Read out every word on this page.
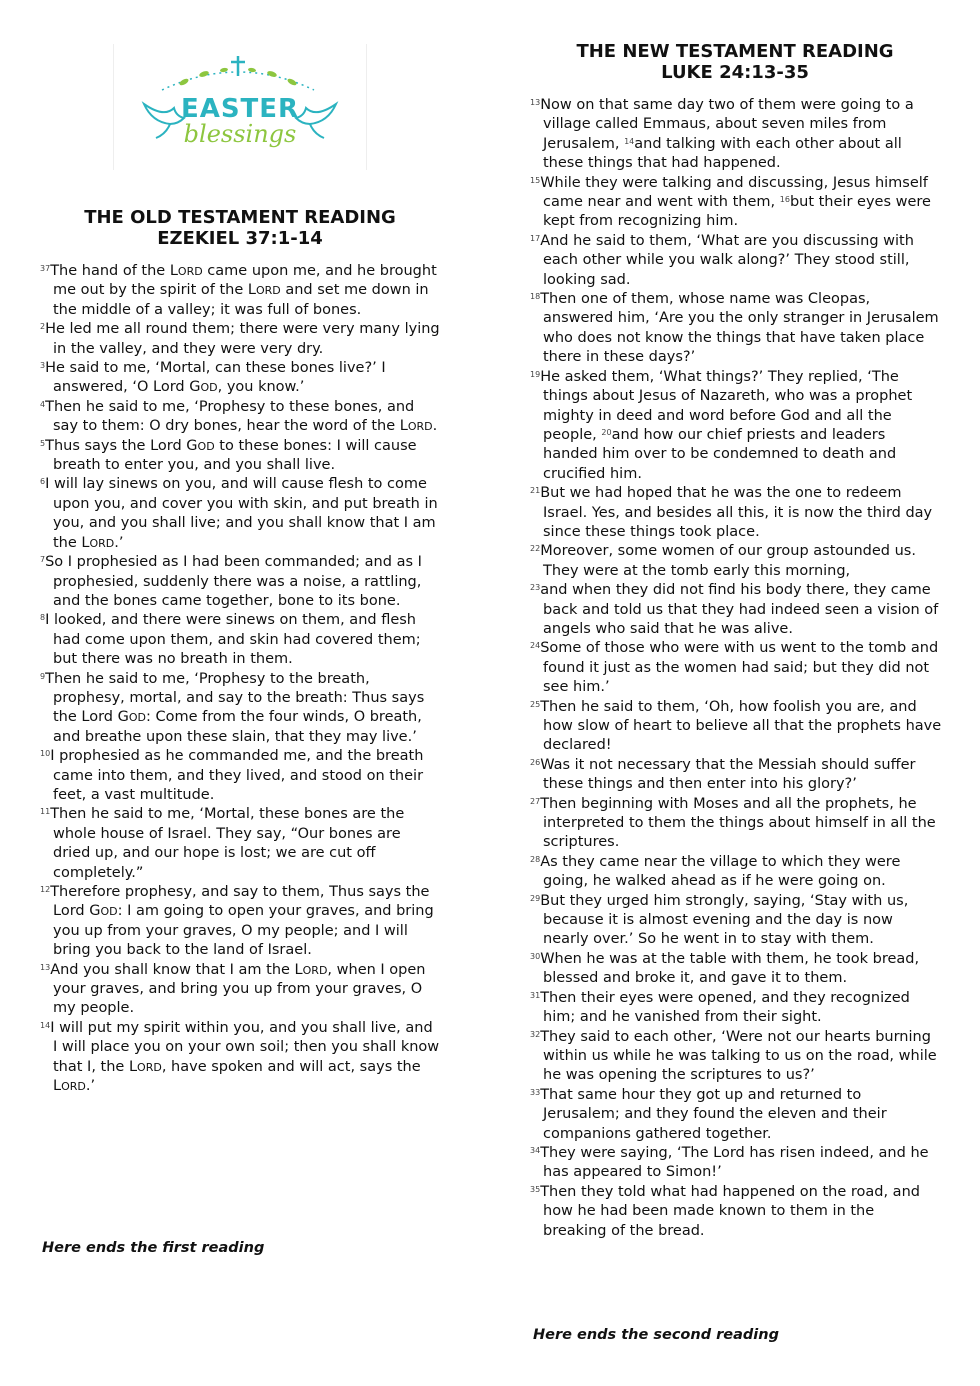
EASTER
blessings
THE OLD TESTAMENT READING
EZEKIEL 37:1-14
$^{37}$The hand of the LORD came upon me, and he brought me out by the spirit of the LORD and set me down in the middle of a valley; it was full of bones.
$^2$He led me all round them; there were very many lying in the valley, and they were very dry.
$^3$He said to me, ‘Mortal, can these bones live?’ I answered, ‘O Lord GOD, you know.’
$^4$Then he said to me, ‘Prophesy to these bones, and say to them: O dry bones, hear the word of the LORD.
$^5$Thus says the Lord GOD to these bones: I will cause breath to enter you, and you shall live.
$^6$I will lay sinews on you, and will cause flesh to come upon you, and cover you with skin, and put breath in you, and you shall live; and you shall know that I am the LORD.’
$^7$So I prophesied as I had been commanded; and as I prophesied, suddenly there was a noise, a rattling, and the bones came together, bone to its bone.
$^8$I looked, and there were sinews on them, and flesh had come upon them, and skin had covered them; but there was no breath in them.
$^9$Then he said to me, ‘Prophesy to the breath, prophesy, mortal, and say to the breath: Thus says the Lord GOD: Come from the four winds, O breath, and breathe upon these slain, that they may live.’
$^{10}$I prophesied as he commanded me, and the breath came into them, and they lived, and stood on their feet, a vast multitude.
$^{11}$Then he said to me, ‘Mortal, these bones are the whole house of Israel. They say, “Our bones are dried up, and our hope is lost; we are cut off completely.”
$^{12}$Therefore prophesy, and say to them, Thus says the Lord GOD: I am going to open your graves, and bring you up from your graves, O my people; and I will bring you back to the land of Israel.
$^{13}$And you shall know that I am the LORD, when I open your graves, and bring you up from your graves, O my people.
$^{14}$I will put my spirit within you, and you shall live, and I will place you on your own soil; then you shall know that I, the LORD, have spoken and will act, says the LORD.’
Here ends the first reading
THE NEW TESTAMENT READING
LUKE 24:13-35
$^{13}$Now on that same day two of them were going to a village called Emmaus, about seven miles from Jerusalem, $^{14}$and talking with each other about all these things that had happened.
$^{15}$While they were talking and discussing, Jesus himself came near and went with them, $^{16}$but their eyes were kept from recognizing him.
$^{17}$And he said to them, ‘What are you discussing with each other while you walk along?’ They stood still, looking sad.
$^{18}$Then one of them, whose name was Cleopas, answered him, ‘Are you the only stranger in Jerusalem who does not know the things that have taken place there in these days?’
$^{19}$He asked them, ‘What things?’ They replied, ‘The things about Jesus of Nazareth, who was a prophet mighty in deed and word before God and all the people, $^{20}$and how our chief priests and leaders handed him over to be condemned to death and crucified him.
$^{21}$But we had hoped that he was the one to redeem Israel. Yes, and besides all this, it is now the third day since these things took place.
$^{22}$Moreover, some women of our group astounded us. They were at the tomb early this morning,
$^{23}$and when they did not find his body there, they came back and told us that they had indeed seen a vision of angels who said that he was alive.
$^{24}$Some of those who were with us went to the tomb and found it just as the women had said; but they did not see him.’
$^{25}$Then he said to them, ‘Oh, how foolish you are, and how slow of heart to believe all that the prophets have declared!
$^{26}$Was it not necessary that the Messiah should suffer these things and then enter into his glory?’
$^{27}$Then beginning with Moses and all the prophets, he interpreted to them the things about himself in all the scriptures.
$^{28}$As they came near the village to which they were going, he walked ahead as if he were going on.
$^{29}$But they urged him strongly, saying, ‘Stay with us, because it is almost evening and the day is now nearly over.’ So he went in to stay with them.
$^{30}$When he was at the table with them, he took bread, blessed and broke it, and gave it to them.
$^{31}$Then their eyes were opened, and they recognized him; and he vanished from their sight.
$^{32}$They said to each other, ‘Were not our hearts burning within us while he was talking to us on the road, while he was opening the scriptures to us?’
$^{33}$That same hour they got up and returned to Jerusalem; and they found the eleven and their companions gathered together.
$^{34}$They were saying, ‘The Lord has risen indeed, and he has appeared to Simon!’
$^{35}$Then they told what had happened on the road, and how he had been made known to them in the breaking of the bread.
Here ends the second reading
